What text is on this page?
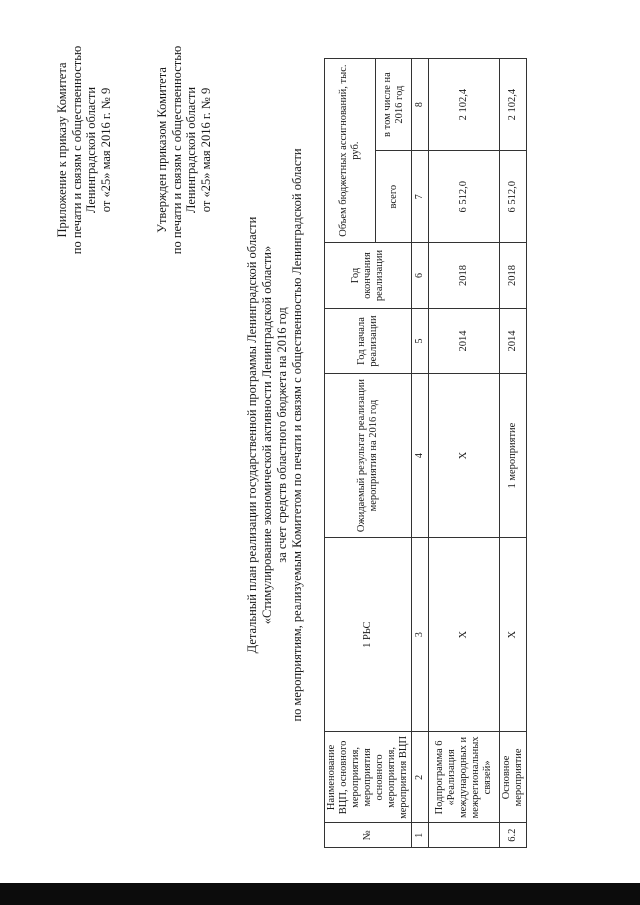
Приложение к приказу Комитета по печати и связям с общественностью Ленинградской области от «25» мая 2016 г. № 9	Утвержден приказом Комитета по печати и связям с общественностью Ленинградской области от «25» мая 2016 г. № 9
Детальный план реализации государственной программы Ленинградской области «Стимулирование экономической активности Ленинградской области» за счет средств областного бюджета на 2016 год по мероприятиям, реализуемым Комитетом по печати и связям с общественностью Ленинградской области
№	Наименование ВЦП, основного мероприятия, мероприятия основного мероприятия, мероприятия ВЦП	1 РЬС	Ожидаемый результат реализации мероприятия на 2016 год	Год начала реализации	Год окончания реализации	Объем бюджетных ассигнований, тыс. руб.	
						всего	в том числе на 2016 год
1	2	3	4	5	6	7	8
	Подпрограмма 6 «Реализация международных и межрегиональных связей»	X	X	2014	2018	6 512,0	2 102,4
6.2	Основное мероприятие	X	1 мероприятие	2014	2018	6 512,0	2 102,4
